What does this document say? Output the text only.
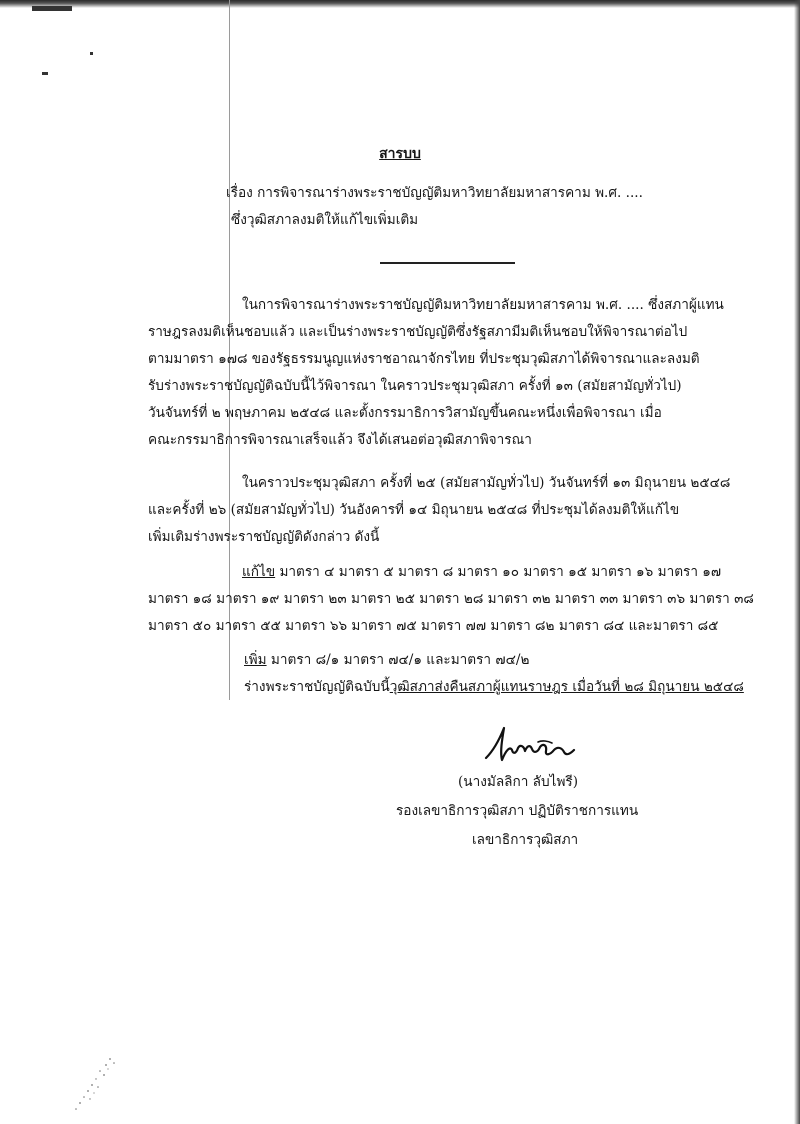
สารบบ
เรื่อง การพิจารณาร่างพระราชบัญญัติมหาวิทยาลัยมหาสารคาม พ.ศ. ....
ซึ่งวุฒิสภาลงมติให้แก้ไขเพิ่มเติม
ในการพิจารณาร่างพระราชบัญญัติมหาวิทยาลัยมหาสารคาม พ.ศ. .... ซึ่งสภาผู้แทน
ราษฎรลงมติเห็นชอบแล้ว และเป็นร่างพระราชบัญญัติซึ่งรัฐสภามีมติเห็นชอบให้พิจารณาต่อไป
ตามมาตรา ๑๗๘ ของรัฐธรรมนูญแห่งราชอาณาจักรไทย ที่ประชุมวุฒิสภาได้พิจารณาและลงมติ
รับร่างพระราชบัญญัติฉบับนี้ไว้พิจารณา ในคราวประชุมวุฒิสภา ครั้งที่ ๑๓ (สมัยสามัญทั่วไป)
วันจันทร์ที่ ๒ พฤษภาคม ๒๕๔๘ และตั้งกรรมาธิการวิสามัญขึ้นคณะหนึ่งเพื่อพิจารณา เมื่อ
คณะกรรมาธิการพิจารณาเสร็จแล้ว จึงได้เสนอต่อวุฒิสภาพิจารณา
ในคราวประชุมวุฒิสภา ครั้งที่ ๒๕ (สมัยสามัญทั่วไป) วันจันทร์ที่ ๑๓ มิถุนายน ๒๕๔๘
และครั้งที่ ๒๖ (สมัยสามัญทั่วไป) วันอังคารที่ ๑๔ มิถุนายน ๒๕๔๘ ที่ประชุมได้ลงมติให้แก้ไข
เพิ่มเติมร่างพระราชบัญญัติดังกล่าว ดังนี้
แก้ไข มาตรา ๔ มาตรา ๕ มาตรา ๘ มาตรา ๑๐ มาตรา ๑๕ มาตรา ๑๖ มาตรา ๑๗
มาตรา ๑๘ มาตรา ๑๙ มาตรา ๒๓ มาตรา ๒๕ มาตรา ๒๘ มาตรา ๓๒ มาตรา ๓๓ มาตรา ๓๖ มาตรา ๓๘
มาตรา ๕๐ มาตรา ๕๕ มาตรา ๖๖ มาตรา ๗๕ มาตรา ๗๗ มาตรา ๘๒ มาตรา ๘๔ และมาตรา ๘๕
เพิ่ม มาตรา ๘/๑ มาตรา ๗๔/๑ และมาตรา ๗๔/๒
ร่างพระราชบัญญัติฉบับนี้วุฒิสภาส่งคืนสภาผู้แทนราษฎร เมื่อวันที่ ๒๘ มิถุนายน ๒๕๔๘
(นางมัลลิกา ลับไพรี)
รองเลขาธิการวุฒิสภา ปฏิบัติราชการแทน
เลขาธิการวุฒิสภา
